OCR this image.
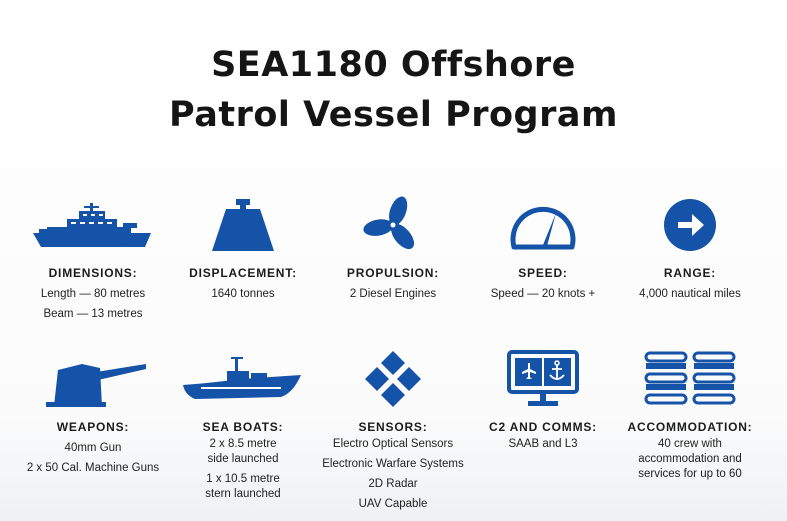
SEA1180 Offshore
Patrol Vessel Program
DIMENSIONS:
Length — 80 metres
Beam — 13 metres
DISPLACEMENT:
1640 tonnes
PROPULSION:
2 Diesel Engines
SPEED:
Speed — 20 knots +
RANGE:
4,000 nautical miles
WEAPONS:
40mm Gun
2 x 50 Cal. Machine Guns
SEA BOATS:
2 x 8.5 metre
side launched
1 x 10.5 metre
stern launched
SENSORS:
Electro Optical Sensors
Electronic Warfare Systems
2D Radar
UAV Capable
C2 AND COMMS:
SAAB and L3
ACCOMMODATION:
40 crew with
accommodation and
services for up to 60
